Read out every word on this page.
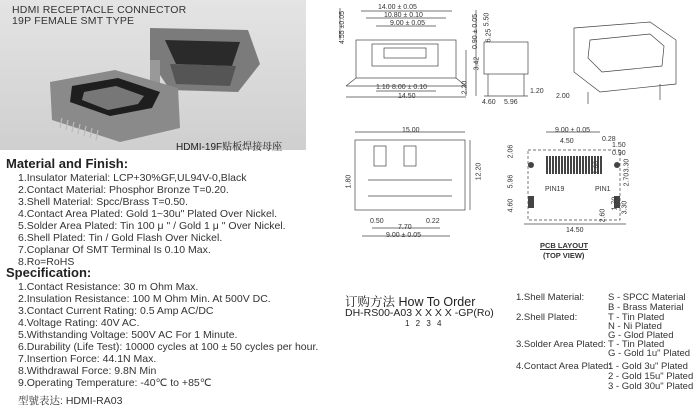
HDMI RECEPTACLE CONNECTOR
19P FEMALE SMT TYPE
HDMI-19F贴板焊接母座
Material and Finish:
1.Insulator Material: LCP+30%GF,UL94V-0,Black
2.Contact Material: Phosphor Bronze T=0.20.
3.Shell Material: Spcc/Brass T=0.50.
4.Contact Area Plated: Gold 1~30u" Plated Over Nickel.
5.Solder Area Plated: Tin 100 μ " / Gold 1 μ " Over Nickel.
6.Shell Plated: Tin / Gold Flash Over Nickel.
7.Coplanar Of SMT Terminal Is 0.10 Max.
8.Ro=RoHS
Specification:
1.Contact Resistance: 30 m Ohm Max.
2.Insulation Resistance: 100 M Ohm Min. At 500V DC.
3.Contact Current Rating: 0.5 Amp AC/DC
4.Voltage Rating: 40V AC.
5.Withstanding Voltage: 500V AC For 1 Minute.
6.Durability (Life Test): 10000 cycles at 100 ± 50 cycles per hour.
7.Insertion Force: 44.1N Max.
8.Withdrawal Force: 9.8N Min
9.Operating Temperature: -40℃ to +85℃
型號表达: HDMI-RA03
14.00 ± 0.05
10.80 ± 0.10
9.00 ± 0.05
4.55 ±0.05
8.00 ± 0.10
1.10
14.50
2.20
0.90 ± 0.05
3.42
5.50
6.25
1.20
2.00
4.60 5.96
15.00
1.80
12.20
0.50	0.22
9.00 ± 0.05
7.70
9.00 ± 0.05
0.28
4.50
1.50
0.90
2.06
2.60	3.30
2.70
5.96
4.60	1.70 3.30
2.60
14.50
PIN19	PIN1
PCB LAYOUT
(TOP VIEW)
订购方法 How To Order
DH-RS00-A03 X X X X -GP(Ro)
1 2 3 4
1.Shell Material:	S - SPCC Material
B - Brass Material
2.Shell Plated:	T - Tin Plated
N - Ni Plated
G - Glod Plated
3.Solder Area Plated: T - Tin Plated
G - Gold 1u" Plated
4.Contact Area Plated:
1 - Gold 3u" Plated
2 - Gold 15u" Plated
3 - Gold 30u" Plated
